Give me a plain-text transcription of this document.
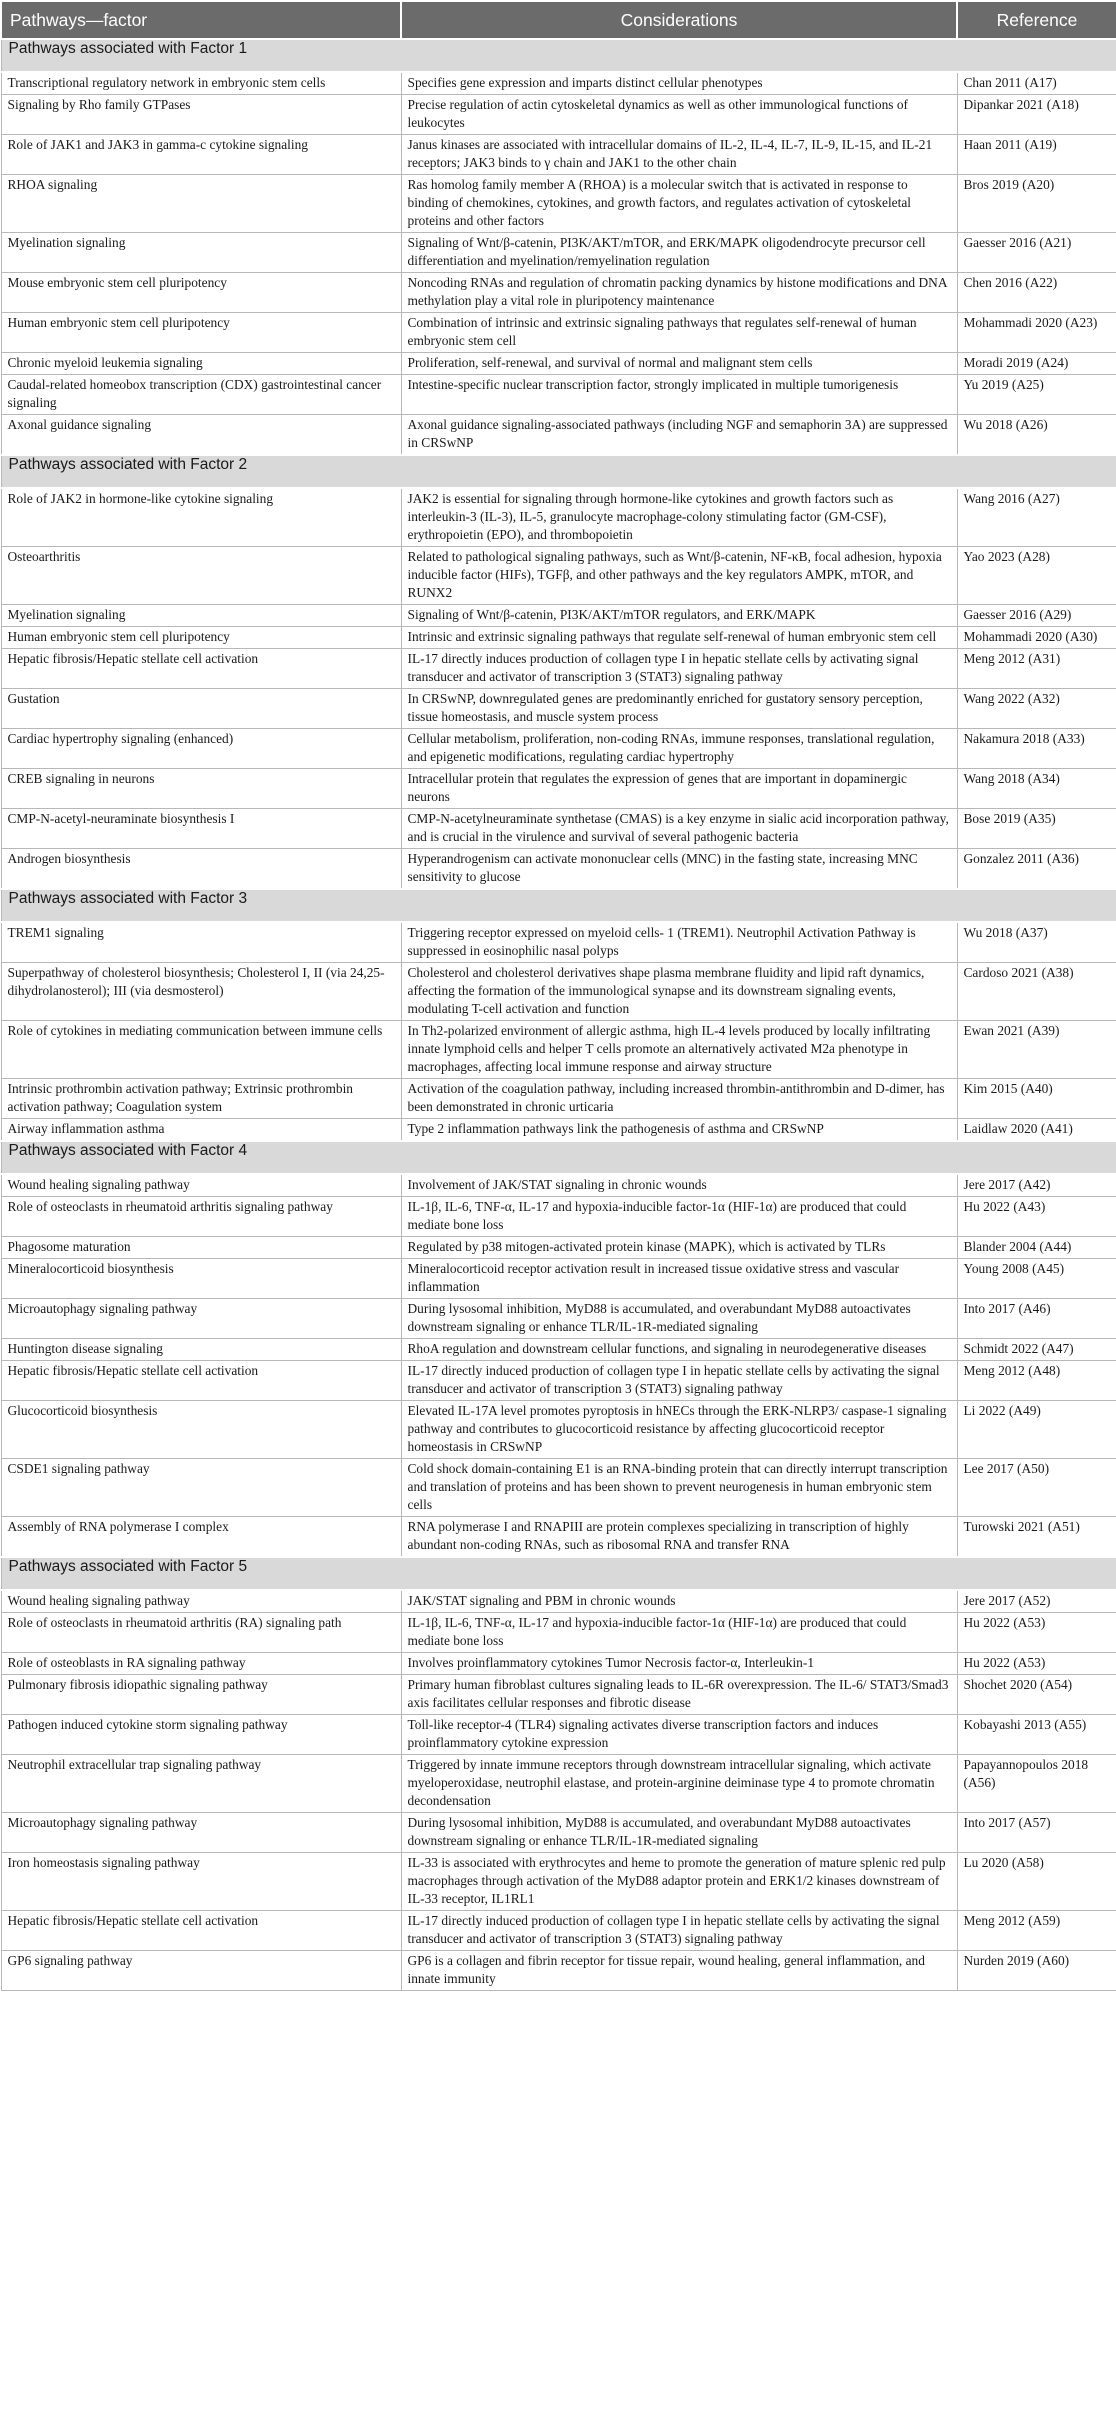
Pathways—factor	Considerations	Reference
Pathways associated with Factor 1		
Transcriptional regulatory network in embryonic stem cells	Specifies gene expression and imparts distinct cellular phenotypes	Chan 2011 (A17)
Signaling by Rho family GTPases	Precise regulation of actin cytoskeletal dynamics as well as other immunological functions of leukocytes	Dipankar 2021 (A18)
Role of JAK1 and JAK3 in gamma-c cytokine signaling	Janus kinases are associated with intracellular domains of IL-2, IL-4, IL-7, IL-9, IL-15, and IL-21 receptors; JAK3 binds to γ chain and JAK1 to the other chain	Haan 2011 (A19)
RHOA signaling	Ras homolog family member A (RHOA) is a molecular switch that is activated in response to binding of chemokines, cytokines, and growth factors, and regulates activation of cytoskeletal proteins and other factors	Bros 2019 (A20)
Myelination signaling	Signaling of Wnt/β-catenin, PI3K/AKT/mTOR, and ERK/MAPK oligodendrocyte precursor cell differentiation and myelination/remyelination regulation	Gaesser 2016 (A21)
Mouse embryonic stem cell pluripotency	Noncoding RNAs and regulation of chromatin packing dynamics by histone modifications and DNA methylation play a vital role in pluripotency maintenance	Chen 2016 (A22)
Human embryonic stem cell pluripotency	Combination of intrinsic and extrinsic signaling pathways that regulates self-renewal of human embryonic stem cell	Mohammadi 2020 (A23)
Chronic myeloid leukemia signaling	Proliferation, self-renewal, and survival of normal and malignant stem cells	Moradi 2019 (A24)
Caudal-related homeobox transcription (CDX) gastrointestinal cancer signaling	Intestine-specific nuclear transcription factor, strongly implicated in multiple tumorigenesis	Yu 2019 (A25)
Axonal guidance signaling	Axonal guidance signaling-associated pathways (including NGF and semaphorin 3A) are suppressed in CRSwNP	Wu 2018 (A26)
Pathways associated with Factor 2		
Role of JAK2 in hormone-like cytokine signaling	JAK2 is essential for signaling through hormone-like cytokines and growth factors such as interleukin-3 (IL-3), IL-5, granulocyte macrophage-colony stimulating factor (GM-CSF), erythropoietin (EPO), and thrombopoietin	Wang 2016 (A27)
Osteoarthritis	Related to pathological signaling pathways, such as Wnt/β-catenin, NF-κB, focal adhesion, hypoxia inducible factor (HIFs), TGFβ, and other pathways and the key regulators AMPK, mTOR, and RUNX2	Yao 2023 (A28)
Myelination signaling	Signaling of Wnt/β-catenin, PI3K/AKT/mTOR regulators, and ERK/MAPK	Gaesser 2016 (A29)
Human embryonic stem cell pluripotency	Intrinsic and extrinsic signaling pathways that regulate self-renewal of human embryonic stem cell	Mohammadi 2020 (A30)
Hepatic fibrosis/Hepatic stellate cell activation	IL-17 directly induces production of collagen type I in hepatic stellate cells by activating signal transducer and activator of transcription 3 (STAT3) signaling pathway	Meng 2012 (A31)
Gustation	In CRSwNP, downregulated genes are predominantly enriched for gustatory sensory perception, tissue homeostasis, and muscle system process	Wang 2022 (A32)
Cardiac hypertrophy signaling (enhanced)	Cellular metabolism, proliferation, non-coding RNAs, immune responses, translational regulation, and epigenetic modifications, regulating cardiac hypertrophy	Nakamura 2018 (A33)
CREB signaling in neurons	Intracellular protein that regulates the expression of genes that are important in dopaminergic neurons	Wang 2018 (A34)
CMP-N-acetyl-neuraminate biosynthesis I	CMP-N-acetylneuraminate synthetase (CMAS) is a key enzyme in sialic acid incorporation pathway, and is crucial in the virulence and survival of several pathogenic bacteria	Bose 2019 (A35)
Androgen biosynthesis	Hyperandrogenism can activate mononuclear cells (MNC) in the fasting state, increasing MNC sensitivity to glucose	Gonzalez 2011 (A36)
Pathways associated with Factor 3		
TREM1 signaling	Triggering receptor expressed on myeloid cells- 1 (TREM1). Neutrophil Activation Pathway is suppressed in eosinophilic nasal polyps	Wu 2018 (A37)
Superpathway of cholesterol biosynthesis; Cholesterol I, II (via 24,25-dihydrolanosterol); III (via desmosterol)	Cholesterol and cholesterol derivatives shape plasma membrane fluidity and lipid raft dynamics, affecting the formation of the immunological synapse and its downstream signaling events, modulating T-cell activation and function	Cardoso 2021 (A38)
Role of cytokines in mediating communication between immune cells	In Th2-polarized environment of allergic asthma, high IL-4 levels produced by locally infiltrating innate lymphoid cells and helper T cells promote an alternatively activated M2a phenotype in macrophages, affecting local immune response and airway structure	Ewan 2021 (A39)
Intrinsic prothrombin activation pathway; Extrinsic prothrombin activation pathway; Coagulation system	Activation of the coagulation pathway, including increased thrombin-antithrombin and D-dimer, has been demonstrated in chronic urticaria	Kim 2015 (A40)
Airway inflammation asthma	Type 2 inflammation pathways link the pathogenesis of asthma and CRSwNP	Laidlaw 2020 (A41)
Pathways associated with Factor 4		
Wound healing signaling pathway	Involvement of JAK/STAT signaling in chronic wounds	Jere 2017 (A42)
Role of osteoclasts in rheumatoid arthritis signaling pathway	IL-1β, IL-6, TNF-α, IL-17 and hypoxia-inducible factor-1α (HIF-1α) are produced that could mediate bone loss	Hu 2022 (A43)
Phagosome maturation	Regulated by p38 mitogen-activated protein kinase (MAPK), which is activated by TLRs	Blander 2004 (A44)
Mineralocorticoid biosynthesis	Mineralocorticoid receptor activation result in increased tissue oxidative stress and vascular inflammation	Young 2008 (A45)
Microautophagy signaling pathway	During lysosomal inhibition, MyD88 is accumulated, and overabundant MyD88 autoactivates downstream signaling or enhance TLR/IL-1R-mediated signaling	Into 2017 (A46)
Huntington disease signaling	RhoA regulation and downstream cellular functions, and signaling in neurodegenerative diseases	Schmidt 2022 (A47)
Hepatic fibrosis/Hepatic stellate cell activation	IL-17 directly induced production of collagen type I in hepatic stellate cells by activating the signal transducer and activator of transcription 3 (STAT3) signaling pathway	Meng 2012 (A48)
Glucocorticoid biosynthesis	Elevated IL-17A level promotes pyroptosis in hNECs through the ERK-NLRP3/ caspase-1 signaling pathway and contributes to glucocorticoid resistance by affecting glucocorticoid receptor homeostasis in CRSwNP	Li 2022 (A49)
CSDE1 signaling pathway	Cold shock domain-containing E1 is an RNA-binding protein that can directly interrupt transcription and translation of proteins and has been shown to prevent neurogenesis in human embryonic stem cells	Lee 2017 (A50)
Assembly of RNA polymerase I complex	RNA polymerase I and RNAPIII are protein complexes specializing in transcription of highly abundant non-coding RNAs, such as ribosomal RNA and transfer RNA	Turowski 2021 (A51)
Pathways associated with Factor 5		
Wound healing signaling pathway	JAK/STAT signaling and PBM in chronic wounds	Jere 2017 (A52)
Role of osteoclasts in rheumatoid arthritis (RA) signaling path	IL-1β, IL-6, TNF-α, IL-17 and hypoxia-inducible factor-1α (HIF-1α) are produced that could mediate bone loss	Hu 2022 (A53)
Role of osteoblasts in RA signaling pathway	Involves proinflammatory cytokines Tumor Necrosis factor-α, Interleukin-1	Hu 2022 (A53)
Pulmonary fibrosis idiopathic signaling pathway	Primary human fibroblast cultures signaling leads to IL-6R overexpression. The IL-6/ STAT3/Smad3 axis facilitates cellular responses and fibrotic disease	Shochet 2020 (A54)
Pathogen induced cytokine storm signaling pathway	Toll-like receptor-4 (TLR4) signaling activates diverse transcription factors and induces proinflammatory cytokine expression	Kobayashi 2013 (A55)
Neutrophil extracellular trap signaling pathway	Triggered by innate immune receptors through downstream intracellular signaling, which activate myeloperoxidase, neutrophil elastase, and protein-arginine deiminase type 4 to promote chromatin decondensation	Papayannopoulos 2018 (A56)
Microautophagy signaling pathway	During lysosomal inhibition, MyD88 is accumulated, and overabundant MyD88 autoactivates downstream signaling or enhance TLR/IL-1R-mediated signaling	Into 2017 (A57)
Iron homeostasis signaling pathway	IL-33 is associated with erythrocytes and heme to promote the generation of mature splenic red pulp macrophages through activation of the MyD88 adaptor protein and ERK1/2 kinases downstream of IL-33 receptor, IL1RL1	Lu 2020 (A58)
Hepatic fibrosis/Hepatic stellate cell activation	IL-17 directly induced production of collagen type I in hepatic stellate cells by activating the signal transducer and activator of transcription 3 (STAT3) signaling pathway	Meng 2012 (A59)
GP6 signaling pathway	GP6 is a collagen and fibrin receptor for tissue repair, wound healing, general inflammation, and innate immunity	Nurden 2019 (A60)
